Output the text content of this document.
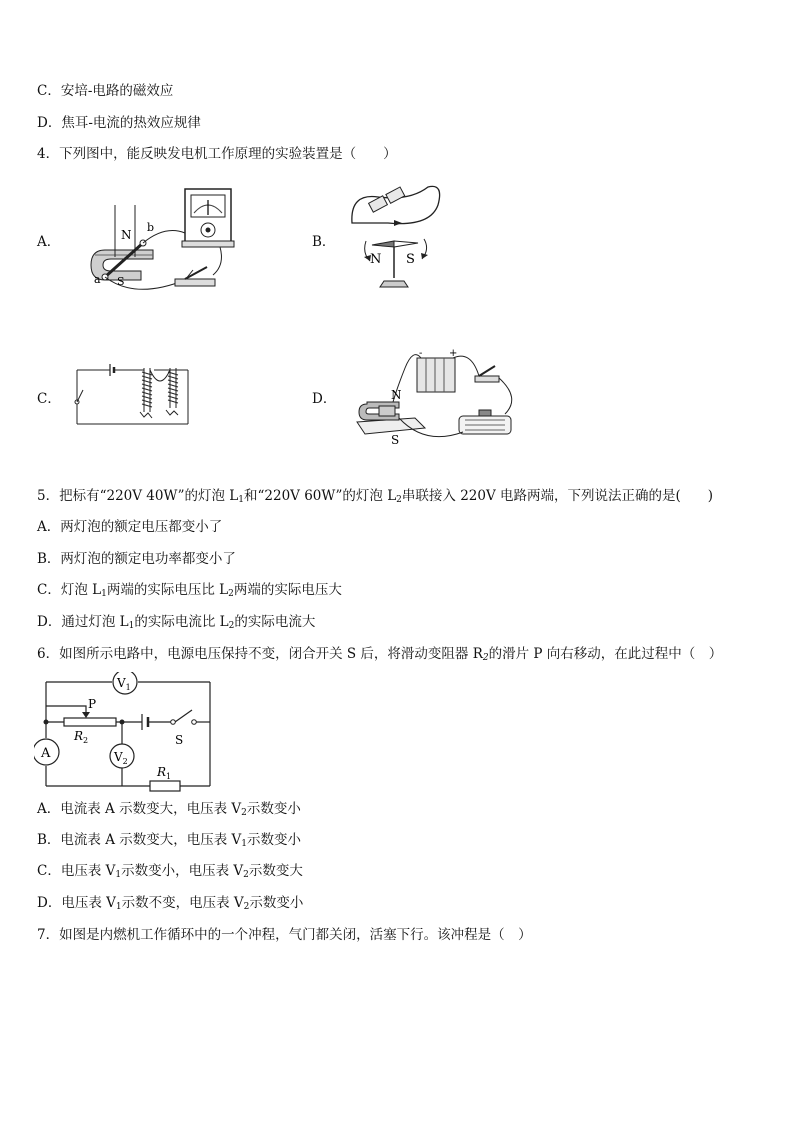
C．安培-电路的磁效应
D．焦耳-电流的热效应规律
4．下列图中，能反映发电机工作原理的实验装置是（　　）
A．	N
S
a
b
B．
N S
C．	D．
-	+
N
S
5．把标有“220V 40W”的灯泡 $L_1$和“220V 60W”的灯泡 $L_2$串联接入 220V 电路两端，下列说法正确的是(　　)
A．两灯泡的额定电压都变小了
B．两灯泡的额定电功率都变小了
C．灯泡 $L_1$两端的实际电压比 $L_2$两端的实际电压大
D．通过灯泡 $L_1$的实际电流比 $L_2$的实际电流大
6．如图所示电路中，电源电压保持不变，闭合开关 S 后，将滑动变阻器 $R_2$的滑片 P 向右移动，在此过程中（　）
$V_1$
$V_2$
A
P
$R_2$
$R_1$
S
A．电流表 A 示数变大，电压表 $V_2$示数变小
B．电流表 A 示数变大，电压表 $V_1$示数变小
C．电压表 $V_1$示数变小，电压表 $V_2$示数变大
D．电压表 $V_1$示数不变，电压表 $V_2$示数变小
7．如图是内燃机工作循环中的一个冲程，气门都关闭，活塞下行。该冲程是（　）
